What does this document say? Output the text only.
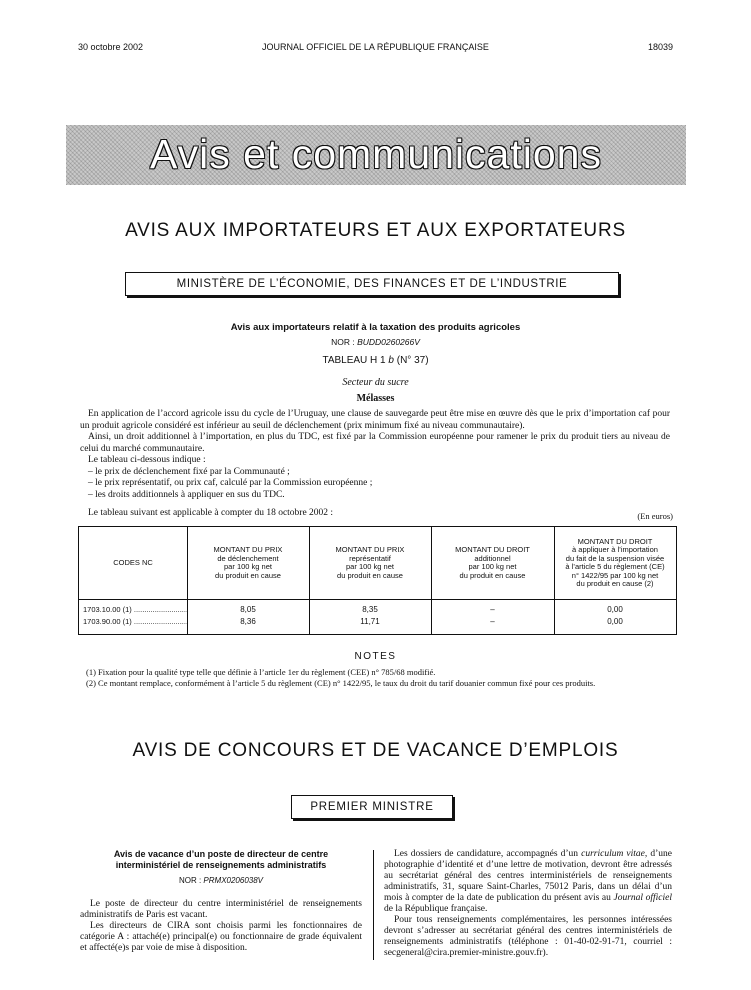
30 octobre 2002	JOURNAL OFFICIEL DE LA RÉPUBLIQUE FRANÇAISE	18039
Avis et communications
AVIS AUX IMPORTATEURS ET AUX EXPORTATEURS
MINISTÈRE DE L’ÉCONOMIE, DES FINANCES ET DE L’INDUSTRIE
Avis aux importateurs relatif à la taxation des produits agricoles
NOR : BUDD0260266V
TABLEAU H 1 b (N° 37)
Secteur du sucre
Mélasses

En application de l’accord agricole issu du cycle de l’Uruguay, une clause de sauvegarde peut être mise en œuvre dès que le prix d’importation caf pour un produit agricole considéré est inférieur au seuil de déclenchement (prix minimum fixé au niveau communautaire).

Ainsi, un droit additionnel à l’importation, en plus du TDC, est fixé par la Commission européenne pour ramener le prix du produit tiers au niveau de celui du marché communautaire.

Le tableau ci-dessous indique :

– le prix de déclenchement fixé par la Communauté ;

– le prix représentatif, ou prix caf, calculé par la Commission européenne ;

– les droits additionnels à appliquer en sus du TDC.

Le tableau suivant est applicable à compter du 18 octobre 2002 :	(En euros)
CODES NC
MONTANT DU PRIX
de déclenchement
par 100 kg net
du produit en cause
MONTANT DU PRIX
représentatif
par 100 kg net
du produit en cause
MONTANT DU DROIT
additionnel
par 100 kg net
du produit en cause
MONTANT DU DROIT
à appliquer à l’importation
du fait de la suspension visée
à l’article 5 du règlement (CE)
n° 1422/95 par 100 kg net
du produit en cause (2)
1703.10.00 (1) ..........................	8,05	8,35	–	0,00
1703.90.00 (1) ..........................	8,36	11,71	–	0,00
NOTES

(1) Fixation pour la qualité type telle que définie à l’article 1er du règlement (CEE) n° 785/68 modifié.

(2) Ce montant remplace, conformément à l’article 5 du règlement (CE) n° 1422/95, le taux du droit du tarif douanier commun fixé pour ces produits.

AVIS DE CONCOURS ET DE VACANCE D’EMPLOIS
PREMIER MINISTRE
Avis de vacance d’un poste de directeur de centre
interministériel de renseignements administratifs
NOR : PRMX0206038V

Le poste de directeur du centre interministériel de renseignements administratifs de Paris est vacant.

Les directeurs de CIRA sont choisis parmi les fonctionnaires de catégorie A : attaché(e) principal(e) ou fonctionnaire de grade équivalent et affecté(e)s par voie de mise à disposition.

Les dossiers de candidature, accompagnés d’un curriculum vitae, d’une photographie d’identité et d’une lettre de motivation, devront être adressés au secrétariat général des centres interministériels de renseignements administratifs, 31, square Saint-Charles, 75012 Paris, dans un délai d’un mois à compter de la date de publication du présent avis au Journal officiel de la République française.

Pour tous renseignements complémentaires, les personnes intéressées devront s’adresser au secrétariat général des centres interministériels de renseignements administratifs (téléphone : 01-40-02-91-71, courriel : secgeneral@cira.premier-ministre.gouv.fr).
